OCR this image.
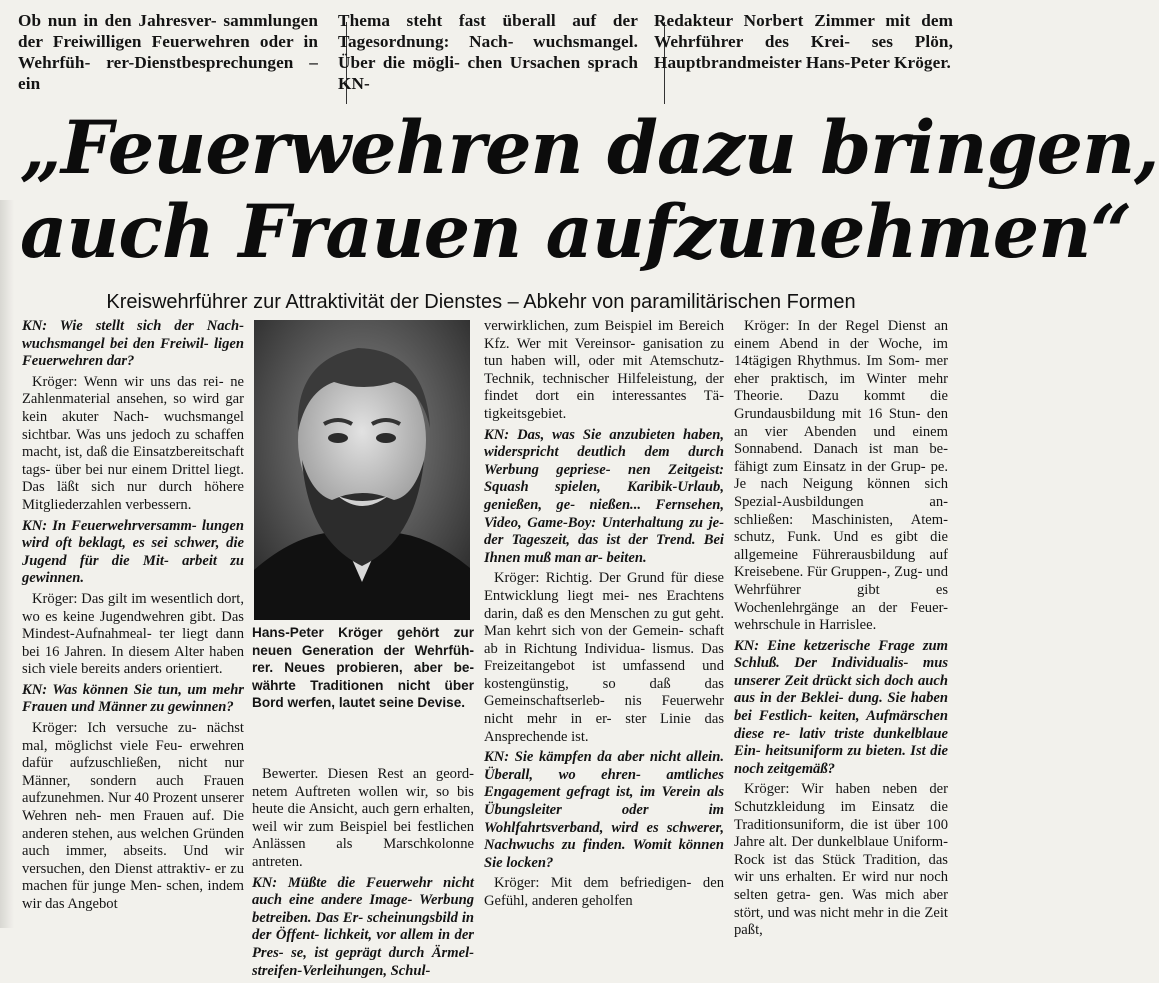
Ob nun in den Jahresver- sammlungen der Freiwilligen Feuerwehren oder in Wehrfüh- rer-Dienstbesprechungen – ein
Thema steht fast überall auf der Tagesordnung: Nach- wuchsmangel. Über die mögli- chen Ursachen sprach KN-
Redakteur Norbert Zimmer mit dem Wehrführer des Krei- ses Plön, Hauptbrandmeister Hans-Peter Kröger.
„Feuerwehren dazu bringen,
auch Frauen aufzunehmen“
Kreiswehrführer zur Attraktivität der Dienstes – Abkehr von paramilitärischen Formen

KN: Wie stellt sich der Nach- wuchsmangel bei den Freiwil- ligen Feuerwehren dar?

Kröger: Wenn wir uns das rei- ne Zahlenmaterial ansehen, so wird gar kein akuter Nach- wuchsmangel sichtbar. Was uns jedoch zu schaffen macht, ist, daß die Einsatzbereitschaft tags- über bei nur einem Drittel liegt. Das läßt sich nur durch höhere Mitgliederzahlen verbessern.

KN: In Feuerwehrversamm- lungen wird oft beklagt, es sei schwer, die Jugend für die Mit- arbeit zu gewinnen.

Kröger: Das gilt im wesentlich dort, wo es keine Jugendwehren gibt. Das Mindest-Aufnahmeal- ter liegt dann bei 16 Jahren. In diesem Alter haben sich viele bereits anders orientiert.

KN: Was können Sie tun, um mehr Frauen und Männer zu gewinnen?

Kröger: Ich versuche zu- nächst mal, möglichst viele Feu- erwehren dafür aufzuschließen, nicht nur Männer, sondern auch Frauen aufzunehmen. Nur 40 Prozent unserer Wehren neh- men Frauen auf. Die anderen stehen, aus welchen Gründen auch immer, abseits. Und wir versuchen, den Dienst attraktiv- er zu machen für junge Men- schen, indem wir das Angebot

Hans-Peter Kröger gehört zur neuen Generation der Wehrfüh- rer. Neues probieren, aber be- währte Traditionen nicht über Bord werfen, lautet seine Devise.

Bewerter. Diesen Rest an geord- netem Auftreten wollen wir, so bis heute die Ansicht, auch gern erhalten, weil wir zum Beispiel bei festlichen Anlässen als Marschkolonne antreten.

KN: Müßte die Feuerwehr nicht auch eine andere Image- Werbung betreiben. Das Er- scheinungsbild in der Öffent- lichkeit, vor allem in der Pres- se, ist geprägt durch Ärmel- streifen-Verleihungen, Schul-

verwirklichen, zum Beispiel im Bereich Kfz. Wer mit Vereinsor- ganisation zu tun haben will, oder mit Atemschutz-Technik, technischer Hilfeleistung, der findet dort ein interessantes Tä- tigkeitsgebiet.

KN: Das, was Sie anzubieten haben, widerspricht deutlich dem durch Werbung gepriese- nen Zeitgeist: Squash spielen, Karibik-Urlaub, genießen, ge- nießen... Fernsehen, Video, Game-Boy: Unterhaltung zu je- der Tageszeit, das ist der Trend. Bei Ihnen muß man ar- beiten.

Kröger: Richtig. Der Grund für diese Entwicklung liegt mei- nes Erachtens darin, daß es den Menschen zu gut geht. Man kehrt sich von der Gemein- schaft ab in Richtung Individua- lismus. Das Freizeitangebot ist umfassend und kostengünstig, so daß das Gemeinschaftserleb- nis Feuerwehr nicht mehr in er- ster Linie das Ansprechende ist.

KN: Sie kämpfen da aber nicht allein. Überall, wo ehren- amtliches Engagement gefragt ist, im Verein als Übungsleiter oder im Wohlfahrtsverband, wird es schwerer, Nachwuchs zu finden. Womit können Sie locken?

Kröger: Mit dem befriedigen- den Gefühl, anderen geholfen

Kröger: In der Regel Dienst an einem Abend in der Woche, im 14tägigen Rhythmus. Im Som- mer eher praktisch, im Winter mehr Theorie. Dazu kommt die Grundausbildung mit 16 Stun- den an vier Abenden und einem Sonnabend. Danach ist man be- fähigt zum Einsatz in der Grup- pe. Je nach Neigung können sich Spezial-Ausbildungen an- schließen: Maschinisten, Atem- schutz, Funk. Und es gibt die allgemeine Führerausbildung auf Kreisebene. Für Gruppen-, Zug- und Wehrführer gibt es Wochenlehrgänge an der Feuer- wehrschule in Harrislee.

KN: Eine ketzerische Frage zum Schluß. Der Individualis- mus unserer Zeit drückt sich doch auch aus in der Beklei- dung. Sie haben bei Festlich- keiten, Aufmärschen diese re- lativ triste dunkelblaue Ein- heitsuniform zu bieten. Ist die noch zeitgemäß?

Kröger: Wir haben neben der Schutzkleidung im Einsatz die Traditionsuniform, die ist über 100 Jahre alt. Der dunkelblaue Uniform-Rock ist das Stück Tradition, das wir uns erhalten. Er wird nur noch selten getra- gen. Was mich aber stört, und was nicht mehr in die Zeit paßt,
